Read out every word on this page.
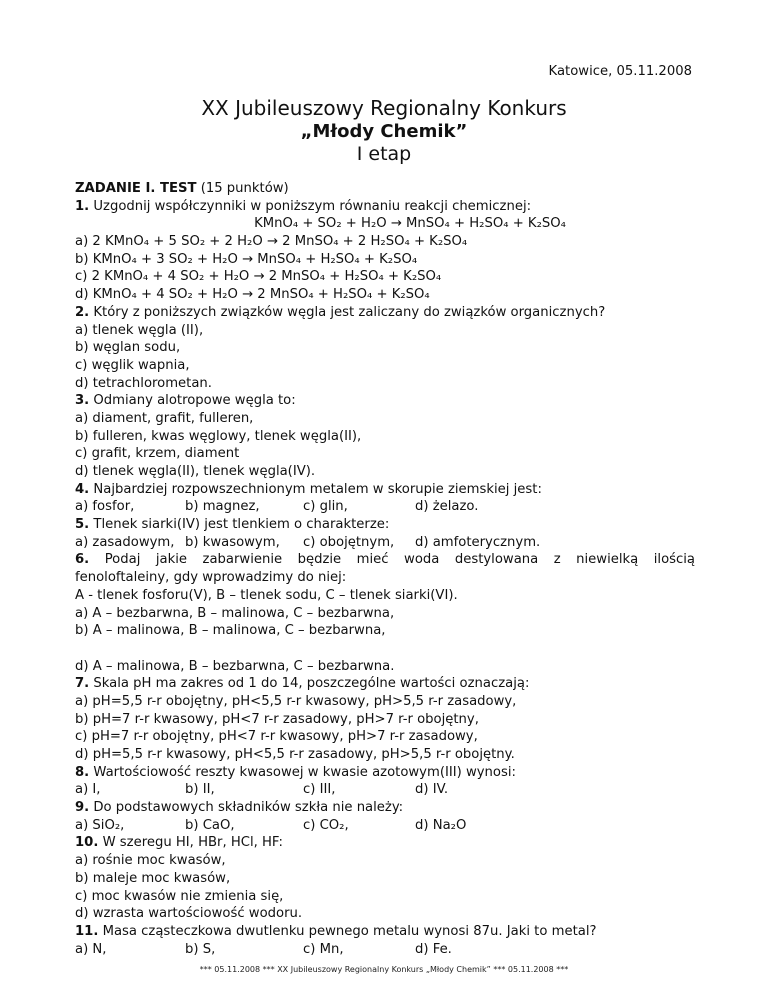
Katowice, 05.11.2008
XX Jubileuszowy Regionalny Konkurs
„Młody Chemik”
I etap
ZADANIE I. TEST (15 punktów)
1. Uzgodnij współczynniki w poniższym równaniu reakcji chemicznej:
KMnO₄ + SO₂ + H₂O → MnSO₄ + H₂SO₄ + K₂SO₄
a) 2 KMnO₄ + 5 SO₂ + 2 H₂O → 2 MnSO₄ + 2 H₂SO₄ + K₂SO₄
b) KMnO₄ + 3 SO₂ + H₂O → MnSO₄ + H₂SO₄ + K₂SO₄
c) 2 KMnO₄ + 4 SO₂ + H₂O → 2 MnSO₄ + H₂SO₄ + K₂SO₄
d) KMnO₄ + 4 SO₂ + H₂O → 2 MnSO₄ + H₂SO₄ + K₂SO₄
2. Który z poniższych związków węgla jest zaliczany do związków organicznych?
a) tlenek węgla (II),
b) węglan sodu,
c) węglik wapnia,
d) tetrachlorometan.
3. Odmiany alotropowe węgla to:
a) diament, grafit, fulleren,
b) fulleren, kwas węglowy, tlenek węgla(II),
c) grafit, krzem, diament
d) tlenek węgla(II), tlenek węgla(IV).
4. Najbardziej rozpowszechnionym metalem w skorupie ziemskiej jest:
a) fosfor,	b) magnez,	c) glin,	d) żelazo.
5. Tlenek siarki(IV) jest tlenkiem o charakterze:
a) zasadowym, b) kwasowym,	c) obojętnym,	d) amfoterycznym.
6. Podaj jakie zabarwienie będzie mieć woda destylowana z niewielką ilością
fenoloftaleiny, gdy wprowadzimy do niej:
A - tlenek fosforu(V), B – tlenek sodu, C – tlenek siarki(VI).
a) A – bezbarwna, B – malinowa, C – bezbarwna,
b) A – malinowa, B – malinowa, C – bezbarwna,
d) A – malinowa, B – bezbarwna, C – bezbarwna.
7. Skala pH ma zakres od 1 do 14, poszczególne wartości oznaczają:
a) pH=5,5 r-r obojętny, pH<5,5 r-r kwasowy, pH>5,5 r-r zasadowy,
b) pH=7 r-r kwasowy, pH<7 r-r zasadowy, pH>7 r-r obojętny,
c) pH=7 r-r obojętny, pH<7 r-r kwasowy, pH>7 r-r zasadowy,
d) pH=5,5 r-r kwasowy, pH<5,5 r-r zasadowy, pH>5,5 r-r obojętny.
8. Wartościowość reszty kwasowej w kwasie azotowym(III) wynosi:
a) I,	b) II,	c) III,	d) IV.
9. Do podstawowych składników szkła nie należy:
a) SiO₂,	b) CaO,	c) CO₂,	d) Na₂O
10. W szeregu HI, HBr, HCl, HF:
a) rośnie moc kwasów,
b) maleje moc kwasów,
c) moc kwasów nie zmienia się,
d) wzrasta wartościowość wodoru.
11. Masa cząsteczkowa dwutlenku pewnego metalu wynosi 87u. Jaki to metal?
a) N,	b) S,	c) Mn,	d) Fe.
*** 05.11.2008 *** XX Jubileuszowy Regionalny Konkurs „Młody Chemik” *** 05.11.2008 ***
